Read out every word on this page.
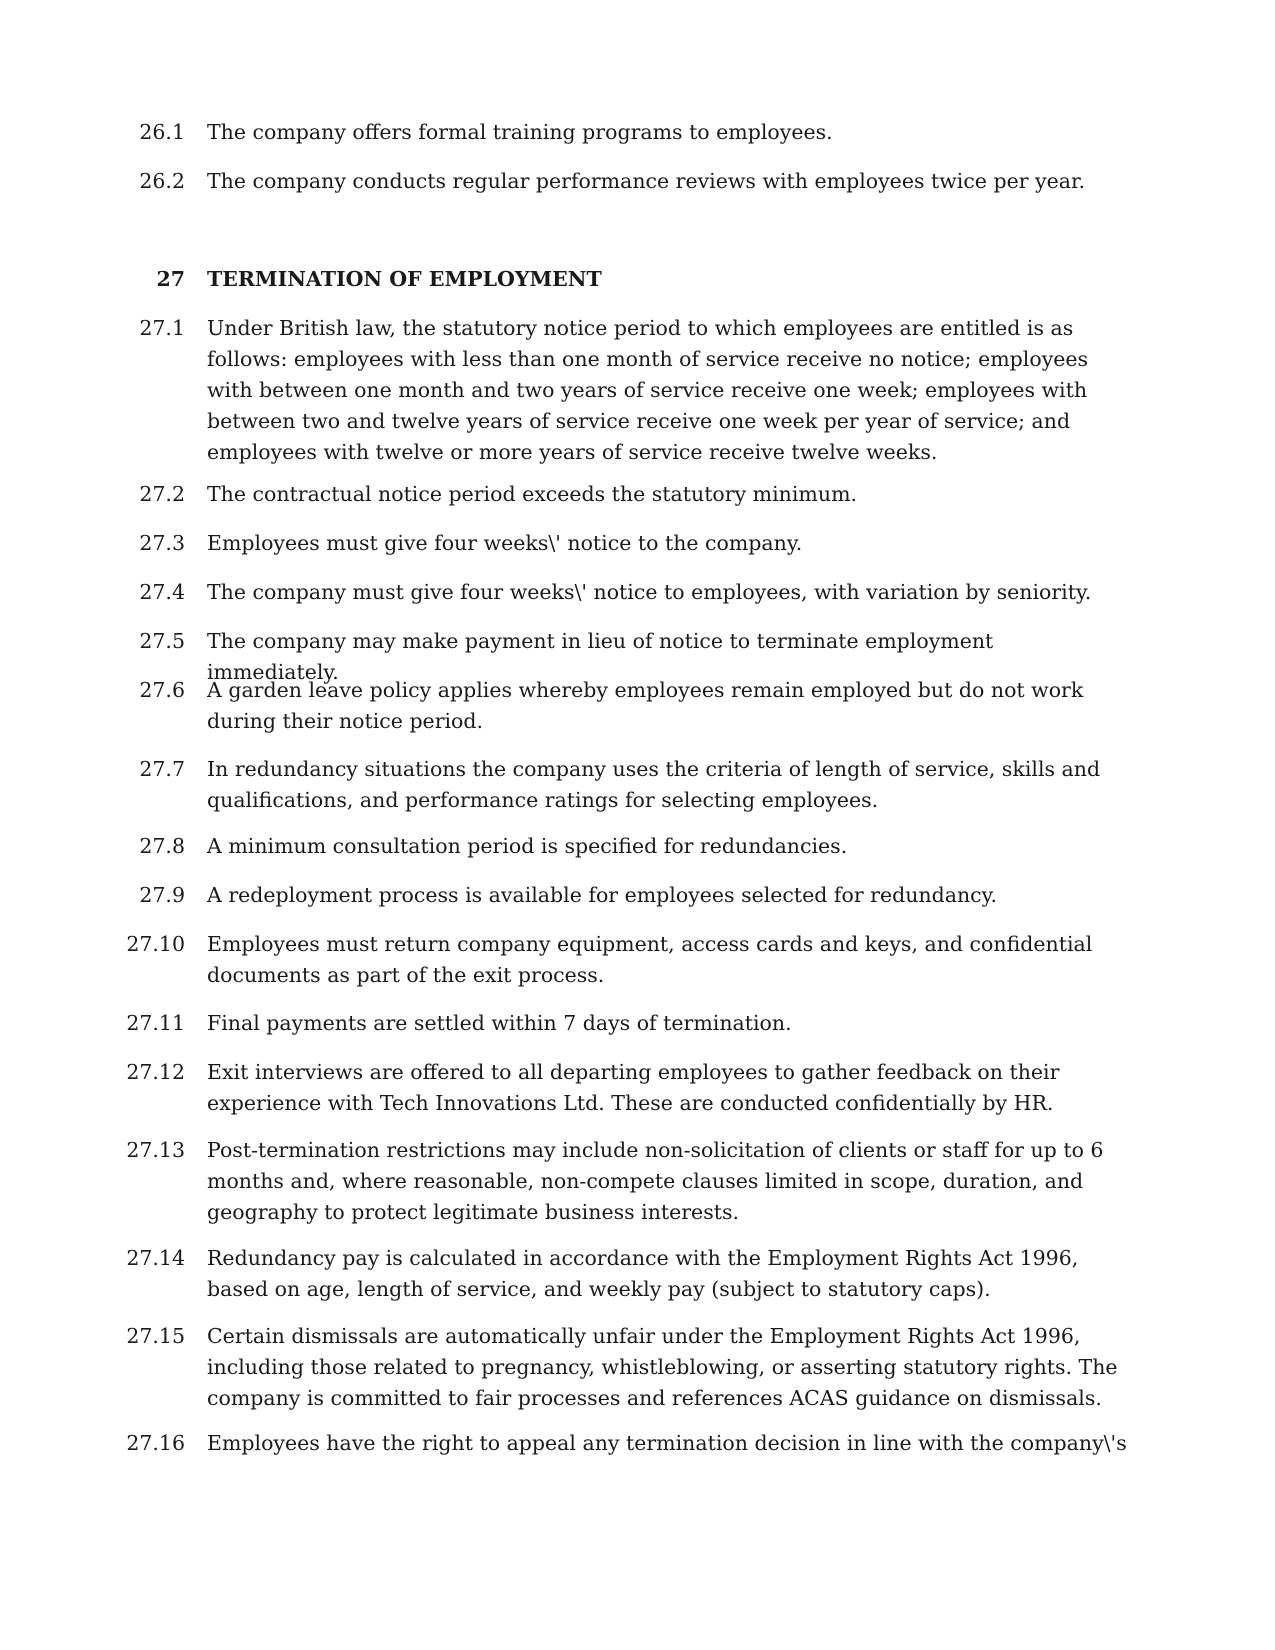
26.1 The company offers formal training programs to employees.
26.2 The company conducts regular performance reviews with employees twice per year.
27 TERMINATION OF EMPLOYMENT
27.1 Under British law, the statutory notice period to which employees are entitled is as follows: employees with less than one month of service receive no notice; employees with between one month and two years of service receive one week; employees with between two and twelve years of service receive one week per year of service; and employees with twelve or more years of service receive twelve weeks.
27.2 The contractual notice period exceeds the statutory minimum.
27.3 Employees must give four weeks\' notice to the company.
27.4 The company must give four weeks\' notice to employees, with variation by seniority.
27.5 The company may make payment in lieu of notice to terminate employment immediately.
27.6 A garden leave policy applies whereby employees remain employed but do not work during their notice period.
27.7 In redundancy situations the company uses the criteria of length of service, skills and qualifications, and performance ratings for selecting employees.
27.8 A minimum consultation period is specified for redundancies.
27.9 A redeployment process is available for employees selected for redundancy.
27.10 Employees must return company equipment, access cards and keys, and confidential documents as part of the exit process.
27.11 Final payments are settled within 7 days of termination.
27.12 Exit interviews are offered to all departing employees to gather feedback on their experience with Tech Innovations Ltd. These are conducted confidentially by HR.
27.13 Post-termination restrictions may include non-solicitation of clients or staff for up to 6 months and, where reasonable, non-compete clauses limited in scope, duration, and geography to protect legitimate business interests.
27.14 Redundancy pay is calculated in accordance with the Employment Rights Act 1996, based on age, length of service, and weekly pay (subject to statutory caps).
27.15 Certain dismissals are automatically unfair under the Employment Rights Act 1996, including those related to pregnancy, whistleblowing, or asserting statutory rights. The company is committed to fair processes and references ACAS guidance on dismissals.
27.16 Employees have the right to appeal any termination decision in line with the company\'s
